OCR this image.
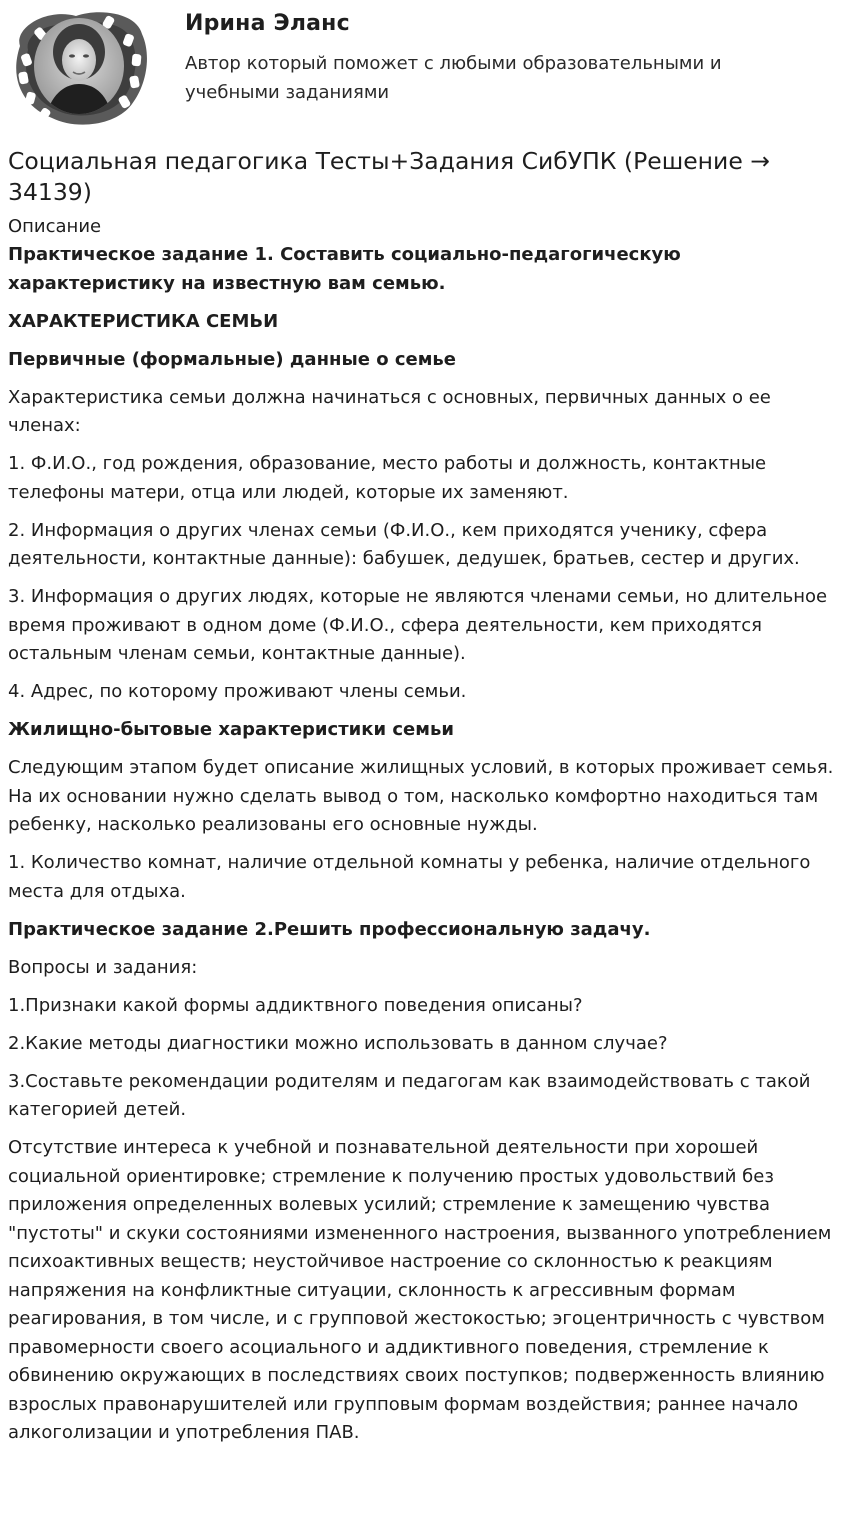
Ирина Эланс

Автор который поможет с любыми образовательными и учебными заданиями

Социальная педагогика Тесты+Задания СибУПК (Решение → 34139)

Описание

Практическое задание 1. Составить социально-педагогическую характеристику на известную вам семью.

ХАРАКТЕРИСТИКА СЕМЬИ

Первичные (формальные) данные о семье

Характеристика семьи должна начинаться с основных, первичных данных о ее членах:

1. Ф.И.О., год рождения, образование, место работы и должность, контактные телефоны матери, отца или людей, которые их заменяют.

2. Информация о других членах семьи (Ф.И.О., кем приходятся ученику, сфера деятельности, контактные данные): бабушек, дедушек, братьев, сестер и других.

3. Информация о других людях, которые не являются членами семьи, но длительное время проживают в одном доме (Ф.И.О., сфера деятельности, кем приходятся остальным членам семьи, контактные данные).

4. Адрес, по которому проживают члены семьи.

Жилищно-бытовые характеристики семьи

Следующим этапом будет описание жилищных условий, в которых проживает семья. На их основании нужно сделать вывод о том, насколько комфортно находиться там ребенку, насколько реализованы его основные нужды.

1. Количество комнат, наличие отдельной комнаты у ребенка, наличие отдельного места для отдыха.

Практическое задание 2.Решить профессиональную задачу.

Вопросы и задания:

1.Признаки какой формы аддиктвного поведения описаны?

2.Какие методы диагностики можно использовать в данном случае?

3.Составьте рекомендации родителям и педагогам как взаимодействовать с такой категорией детей.

Отсутствие интереса к учебной и познавательной деятельности при хорошей социальной ориентировке; стремление к получению простых удовольствий без приложения определенных волевых усилий; стремление к замещению чувства "пустоты" и скуки состояниями измененного настроения, вызванного употреблением психоактивных веществ; неустойчивое настроение со склонностью к реакциям напряжения на конфликтные ситуации, склонность к агрессивным формам реагирования, в том числе, и с групповой жестокостью; эгоцентричность с чувством правомерности своего асоциального и аддиктивного поведения, стремление к обвинению окружающих в последствиях своих поступков; подверженность влиянию взрослых правонарушителей или групповым формам воздействия; раннее начало алкоголизации и употребления ПАВ.
